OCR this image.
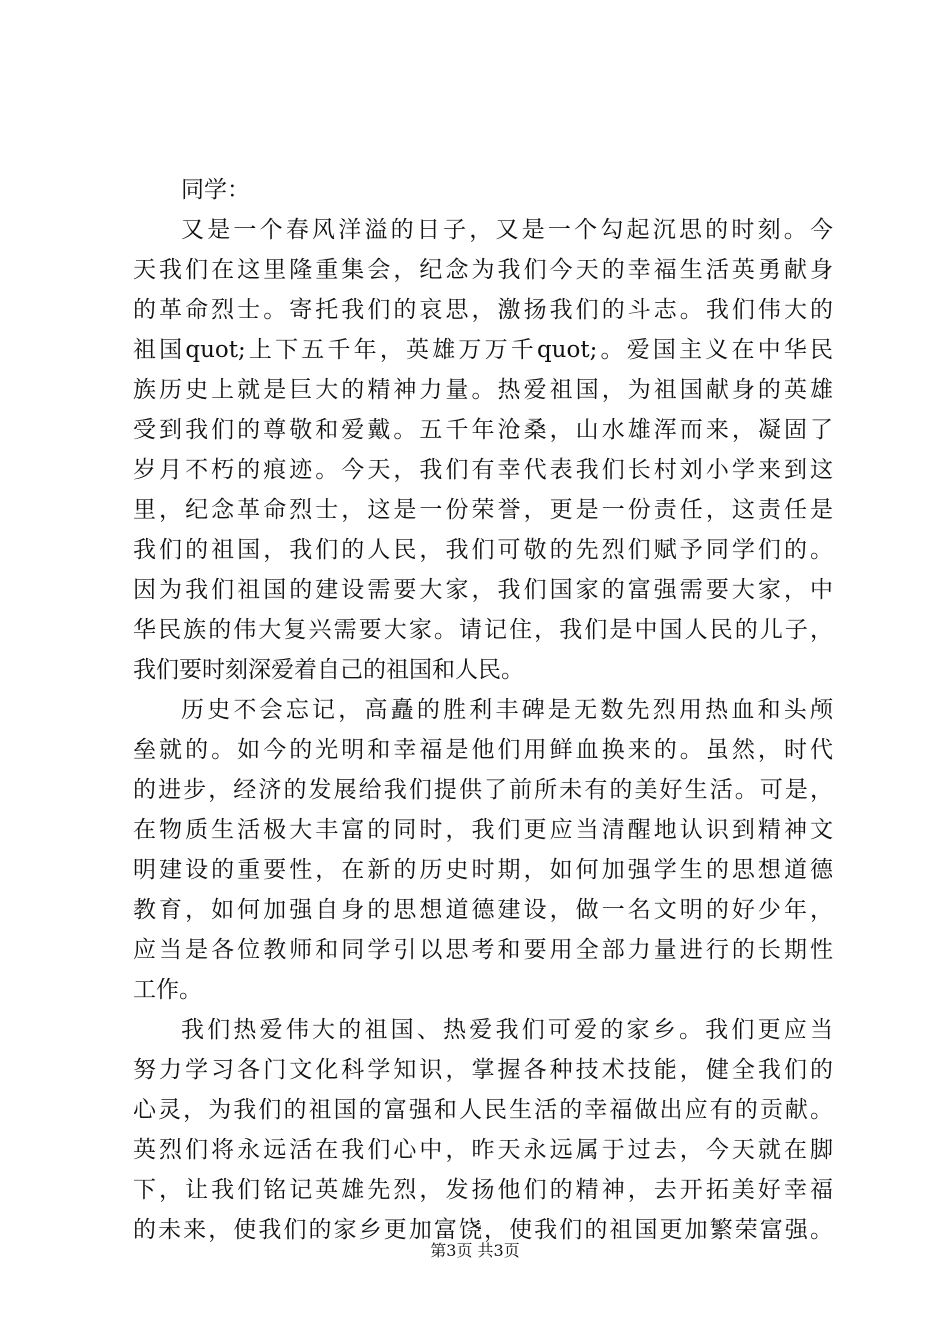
同学：
又是一个春风洋溢的日子，又是一个勾起沉思的时刻。今
天我们在这里隆重集会，纪念为我们今天的幸福生活英勇献身
的革命烈士。寄托我们的哀思，激扬我们的斗志。我们伟大的
祖国quot;上下五千年，英雄万万千quot;。爱国主义在中华民
族历史上就是巨大的精神力量。热爱祖国，为祖国献身的英雄
受到我们的尊敬和爱戴。五千年沧桑，山水雄浑而来，凝固了
岁月不朽的痕迹。今天，我们有幸代表我们长村刘小学来到这
里，纪念革命烈士，这是一份荣誉，更是一份责任，这责任是
我们的祖国，我们的人民，我们可敬的先烈们赋予同学们的。
因为我们祖国的建设需要大家，我们国家的富强需要大家，中
华民族的伟大复兴需要大家。请记住，我们是中国人民的儿子，
我们要时刻深爱着自己的祖国和人民。
历史不会忘记，高矗的胜利丰碑是无数先烈用热血和头颅
垒就的。如今的光明和幸福是他们用鲜血换来的。虽然，时代
的进步，经济的发展给我们提供了前所未有的美好生活。可是，
在物质生活极大丰富的同时，我们更应当清醒地认识到精神文
明建设的重要性，在新的历史时期，如何加强学生的思想道德
教育，如何加强自身的思想道德建设，做一名文明的好少年，
应当是各位教师和同学引以思考和要用全部力量进行的长期性
工作。
我们热爱伟大的祖国、热爱我们可爱的家乡。我们更应当
努力学习各门文化科学知识，掌握各种技术技能，健全我们的
心灵，为我们的祖国的富强和人民生活的幸福做出应有的贡献。
英烈们将永远活在我们心中，昨天永远属于过去，今天就在脚
下，让我们铭记英雄先烈，发扬他们的精神，去开拓美好幸福
的未来，使我们的家乡更加富饶，使我们的祖国更加繁荣富强。
第3页 共3页
